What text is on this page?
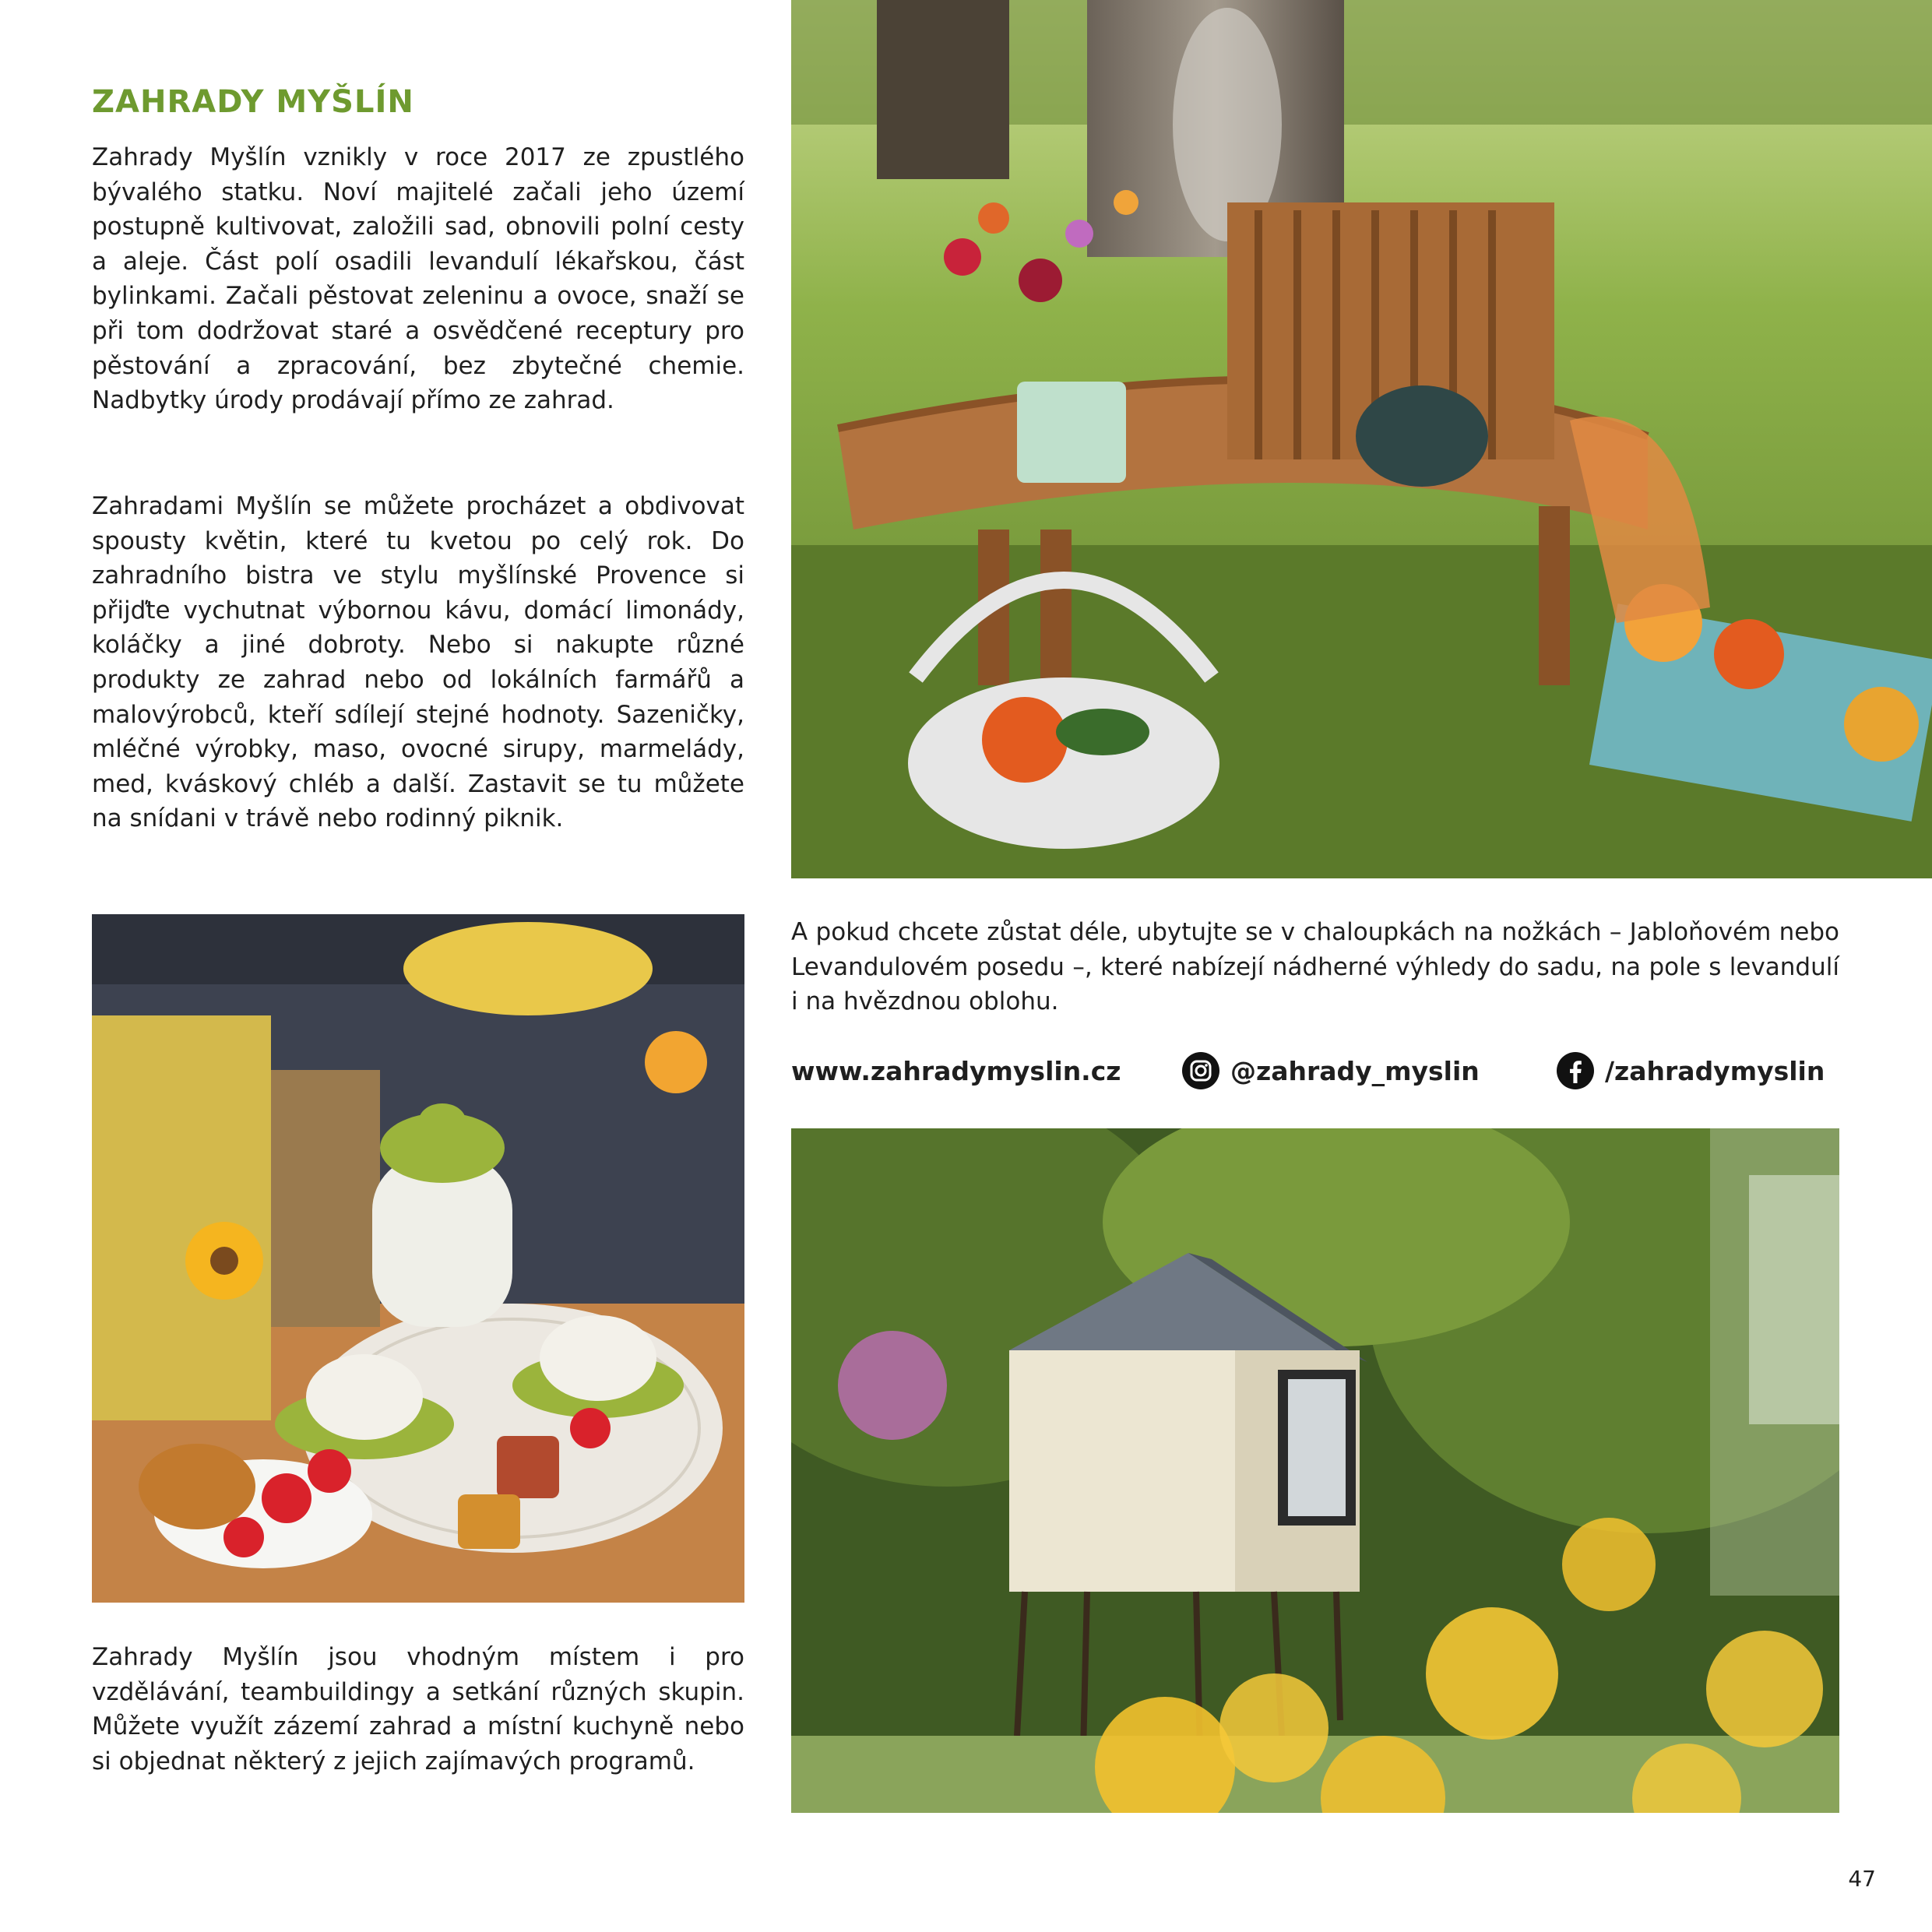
ZAHRADY MYŠLÍN

Zahrady Myšlín vznikly v roce 2017 ze zpustlého bývalého statku. Noví majitelé začali jeho území postupně kultivovat, založili sad, obnovili polní cesty a aleje. Část polí osadili levandulí lékařskou, část bylinkami. Začali pěstovat zeleninu a ovoce, snaží se při tom dodržovat staré a osvědčené receptury pro pěstování a zpracování, bez zbytečné chemie. Nadbytky úrody prodávají přímo ze zahrad.

Zahradami Myšlín se můžete procházet a obdivovat spousty květin, které tu kvetou po celý rok. Do zahradního bistra ve stylu myšlínské Provence si přijďte vychutnat výbornou kávu, domácí limonády, koláčky a jiné dobroty. Nebo si nakupte různé produkty ze zahrad nebo od lokálních farmářů a malovýrobců, kteří sdílejí stejné hodnoty. Sazeničky, mléčné výrobky, maso, ovocné sirupy, marmelády, med, kváskový chléb a další. Zastavit se tu můžete na snídani v trávě nebo rodinný piknik.

Zahrady Myšlín jsou vhodným místem i pro vzdělávání, teambuildingy a setkání různých skupin. Můžete využít zázemí zahrad a místní kuchyně nebo si objednat některý z jejich zajímavých programů.

A pokud chcete zůstat déle, ubytujte se v chaloupkách na nožkách – Jabloňovém nebo Levandulovém posedu –, které nabízejí nádherné výhledy do sadu, na pole s levandulí i na hvězdnou oblohu.

www.zahradymyslin.cz	@zahrady_myslin	/zahradymyslin
47
